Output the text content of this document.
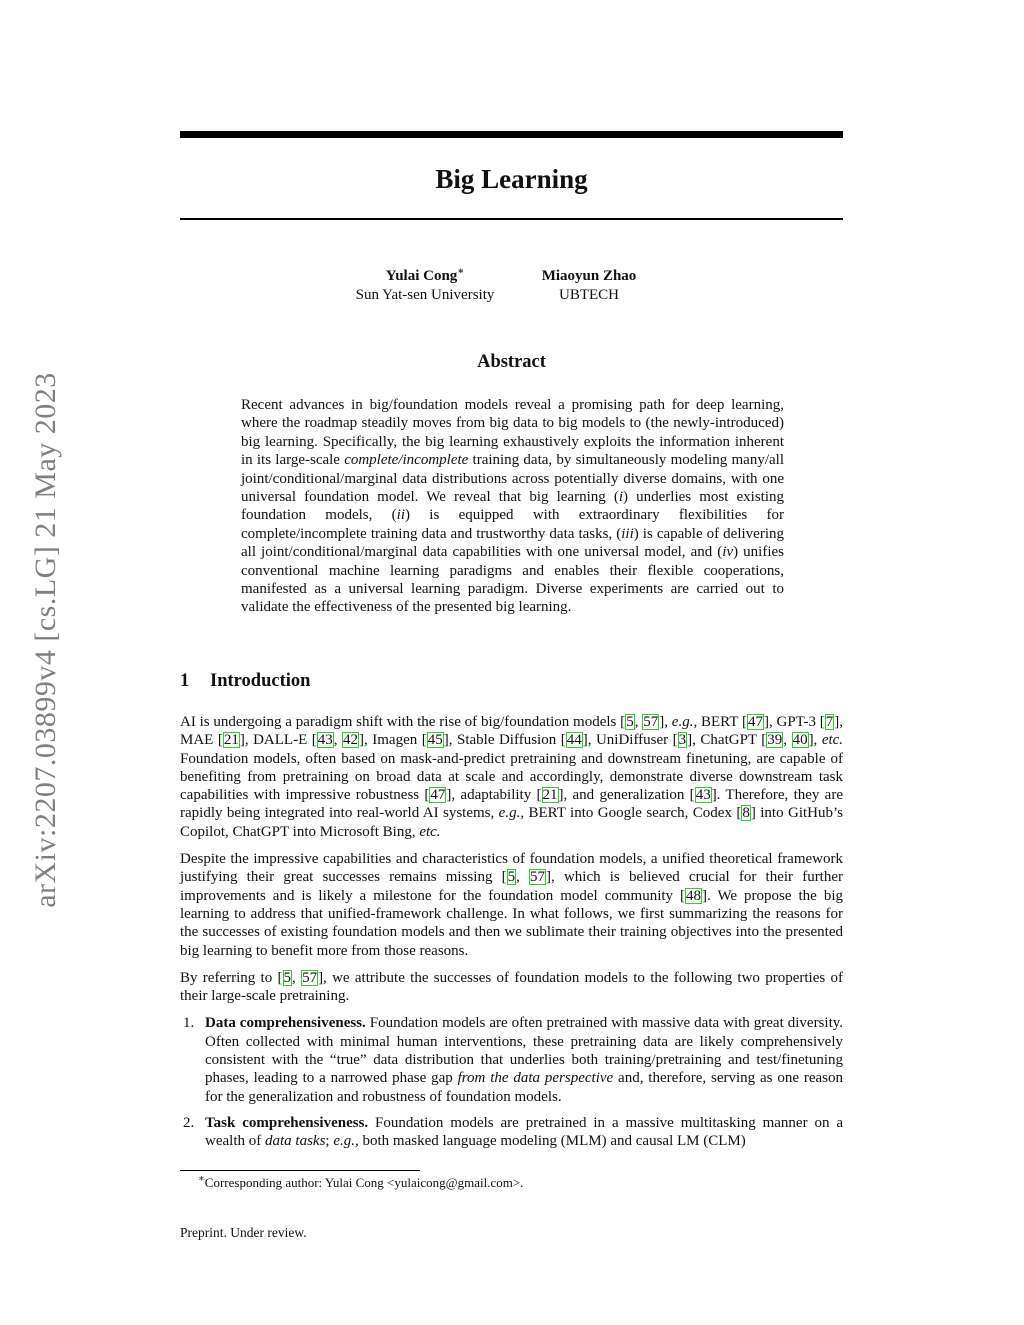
arXiv:2207.03899v4 [cs.LG] 21 May 2023
Big Learning
Yulai Cong∗
Sun Yat-sen University
Miaoyun Zhao
UBTECH
Abstract
Recent advances in big/foundation models reveal a promising path for deep learning, where the roadmap steadily moves from big data to big models to (the newly-introduced) big learning. Specifically, the big learning exhaustively exploits the information inherent in its large-scale complete/incomplete training data, by simultaneously modeling many/all joint/conditional/marginal data distributions across potentially diverse domains, with one universal foundation model. We reveal that big learning (i) underlies most existing foundation models, (ii) is equipped with extraordinary flexibilities for complete/incomplete training data and trustworthy data tasks, (iii) is capable of delivering all joint/conditional/marginal data capabilities with one universal model, and (iv) unifies conventional machine learning paradigms and enables their flexible cooperations, manifested as a universal learning paradigm. Diverse experiments are carried out to validate the effectiveness of the presented big learning.
1 Introduction

AI is undergoing a paradigm shift with the rise of big/foundation models [5, 57], e.g., BERT [47], GPT-3 [7], MAE [21], DALL-E [43, 42], Imagen [45], Stable Diffusion [44], UniDiffuser [3], ChatGPT [39, 40], etc. Foundation models, often based on mask-and-predict pretraining and downstream finetuning, are capable of benefiting from pretraining on broad data at scale and accordingly, demonstrate diverse downstream task capabilities with impressive robustness [47], adaptability [21], and generalization [43]. Therefore, they are rapidly being integrated into real-world AI systems, e.g., BERT into Google search, Codex [8] into GitHub’s Copilot, ChatGPT into Microsoft Bing, etc.

Despite the impressive capabilities and characteristics of foundation models, a unified theoretical framework justifying their great successes remains missing [5, 57], which is believed crucial for their further improvements and is likely a milestone for the foundation model community [48]. We propose the big learning to address that unified-framework challenge. In what follows, we first summarizing the reasons for the successes of existing foundation models and then we sublimate their training objectives into the presented big learning to benefit more from those reasons.

By referring to [5, 57], we attribute the successes of foundation models to the following two properties of their large-scale pretraining.

1. Data comprehensiveness. Foundation models are often pretrained with massive data with great diversity. Often collected with minimal human interventions, these pretraining data are likely comprehensively consistent with the “true” data distribution that underlies both training/pretraining and test/finetuning phases, leading to a narrowed phase gap from the data perspective and, therefore, serving as one reason for the generalization and robustness of foundation models.
2. Task comprehensiveness. Foundation models are pretrained in a massive multitasking manner on a wealth of data tasks; e.g., both masked language modeling (MLM) and causal LM (CLM)
∗Corresponding author: Yulai Cong <yulaicong@gmail.com>.
Preprint. Under review.
